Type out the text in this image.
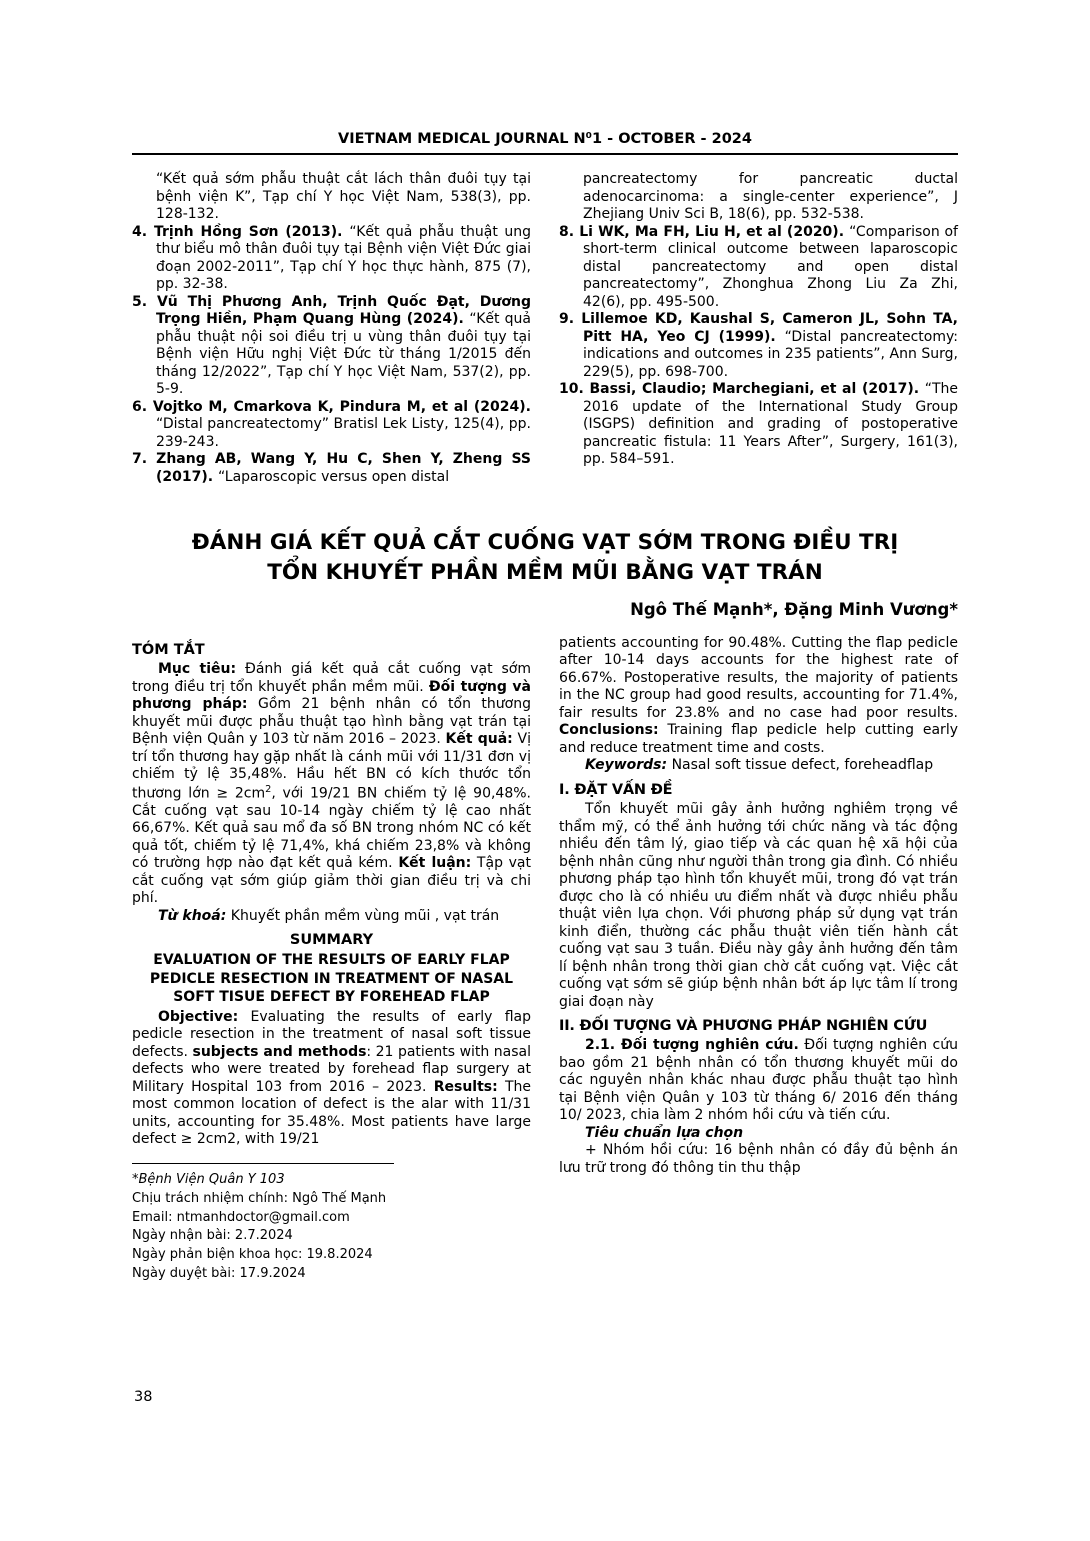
VIETNAM MEDICAL JOURNAL N⁰1 - OCTOBER - 2024
“Kết quả sớm phẫu thuật cắt lách thân đuôi tụy tại bệnh viện K”, Tạp chí Y học Việt Nam, 538(3), pp. 128-132.
4. Trịnh Hồng Sơn (2013). “Kết quả phẫu thuật ung thư biểu mô thân đuôi tụy tại Bệnh viện Việt Đức giai đoạn 2002-2011”, Tạp chí Y học thực hành, 875 (7), pp. 32-38.
5. Vũ Thị Phương Anh, Trịnh Quốc Đạt, Dương Trọng Hiền, Phạm Quang Hùng (2024). “Kết quả phẫu thuật nội soi điều trị u vùng thân đuôi tụy tại Bệnh viện Hữu nghị Việt Đức từ tháng 1/2015 đến tháng 12/2022”, Tạp chí Y học Việt Nam, 537(2), pp. 5-9.
6. Vojtko M, Cmarkova K, Pindura M, et al (2024). “Distal pancreatectomy” Bratisl Lek Listy, 125(4), pp. 239-243.
7. Zhang AB, Wang Y, Hu C, Shen Y, Zheng SS (2017). “Laparoscopic versus open distal
pancreatectomy for pancreatic ductal adenocarcinoma: a single-center experience”, J Zhejiang Univ Sci B, 18(6), pp. 532-538.
8. Li WK, Ma FH, Liu H, et al (2020). “Comparison of short-term clinical outcome between laparoscopic distal pancreatectomy and open distal pancreatectomy”, Zhonghua Zhong Liu Za Zhi, 42(6), pp. 495-500.
9. Lillemoe KD, Kaushal S, Cameron JL, Sohn TA, Pitt HA, Yeo CJ (1999). “Distal pancreatectomy: indications and outcomes in 235 patients”, Ann Surg, 229(5), pp. 698-700.
10. Bassi, Claudio; Marchegiani, et al (2017). “The 2016 update of the International Study Group (ISGPS) definition and grading of postoperative pancreatic fistula: 11 Years After”, Surgery, 161(3), pp. 584–591.
ĐÁNH GIÁ KẾT QUẢ CẮT CUỐNG VẠT SỚM TRONG ĐIỀU TRỊ
TỔN KHUYẾT PHẦN MỀM MŨI BẰNG VẠT TRÁN
Ngô Thế Mạnh*, Đặng Minh Vương*
TÓM TẮT

Mục tiêu: Đánh giá kết quả cắt cuống vạt sớm trong điều trị tổn khuyết phần mềm mũi. Đối tượng và phương pháp: Gồm 21 bệnh nhân có tổn thương khuyết mũi được phẫu thuật tạo hình bằng vạt trán tại Bệnh viện Quân y 103 từ năm 2016 – 2023. Kết quả: Vị trí tổn thương hay gặp nhất là cánh mũi với 11/31 đơn vị chiếm tỷ lệ 35,48%. Hầu hết BN có kích thước tổn thương lớn ≥ $2cm^2$, với 19/21 BN chiếm tỷ lệ 90,48%. Cắt cuống vạt sau 10-14 ngày chiếm tỷ lệ cao nhất 66,67%. Kết quả sau mổ đa số BN trong nhóm NC có kết quả tốt, chiếm tỷ lệ 71,4%, khá chiếm 23,8% và không có trường hợp nào đạt kết quả kém. Kết luận: Tập vạt cắt cuống vạt sớm giúp giảm thời gian điều trị và chi phí.

Từ khoá: Khuyết phần mềm vùng mũi , vạt trán

SUMMARY
EVALUATION OF THE RESULTS OF EARLY FLAP PEDICLE RESECTION IN TREATMENT OF NASAL SOFT TISUE DEFECT BY FOREHEAD FLAP

Objective: Evaluating the results of early flap pedicle resection in the treatment of nasal soft tissue defects. subjects and methods: 21 patients with nasal defects who were treated by forehead flap surgery at Military Hospital 103 from 2016 – 2023. Results: The most common location of defect is the alar with 11/31 units, accounting for 35.48%. Most patients have large defect ≥ 2cm2, with 19/21

*Bệnh Viện Quân Y 103
Chịu trách nhiệm chính: Ngô Thế Mạnh
Email: ntmanhdoctor@gmail.com
Ngày nhận bài: 2.7.2024
Ngày phản biện khoa học: 19.8.2024
Ngày duyệt bài: 17.9.2024

patients accounting for 90.48%. Cutting the flap pedicle after 10-14 days accounts for the highest rate of 66.67%. Postoperative results, the majority of patients in the NC group had good results, accounting for 71.4%, fair results for 23.8% and no case had poor results. Conclusions: Training flap pedicle help cutting early and reduce treatment time and costs.

Keywords: Nasal soft tissue defect, foreheadflap

I. ĐẶT VẤN ĐỀ

Tổn khuyết mũi gây ảnh hưởng nghiêm trọng về thẩm mỹ, có thể ảnh hưởng tới chức năng và tác động nhiều đến tâm lý, giao tiếp và các quan hệ xã hội của bệnh nhân cũng như người thân trong gia đình. Có nhiều phương pháp tạo hình tổn khuyết mũi, trong đó vạt trán được cho là có nhiều ưu điểm nhất và được nhiều phẫu thuật viên lựa chọn. Với phương pháp sử dụng vạt trán kinh điển, thường các phẫu thuật viên tiến hành cắt cuống vạt sau 3 tuần. Điều này gây ảnh hưởng đến tâm lí bệnh nhân trong thời gian chờ cắt cuống vạt. Việc cắt cuống vạt sớm sẽ giúp bệnh nhân bớt áp lực tâm lí trong giai đoạn này

II. ĐỐI TƯỢNG VÀ PHƯƠNG PHÁP NGHIÊN CỨU

2.1. Đối tượng nghiên cứu. Đối tượng nghiên cứu bao gồm 21 bệnh nhân có tổn thương khuyết mũi do các nguyên nhân khác nhau được phẫu thuật tạo hình tại Bệnh viện Quân y 103 từ tháng 6/ 2016 đến tháng 10/ 2023, chia làm 2 nhóm hồi cứu và tiến cứu.

Tiêu chuẩn lựa chọn

+ Nhóm hồi cứu: 16 bệnh nhân có đầy đủ bệnh án lưu trữ trong đó thông tin thu thập

38
